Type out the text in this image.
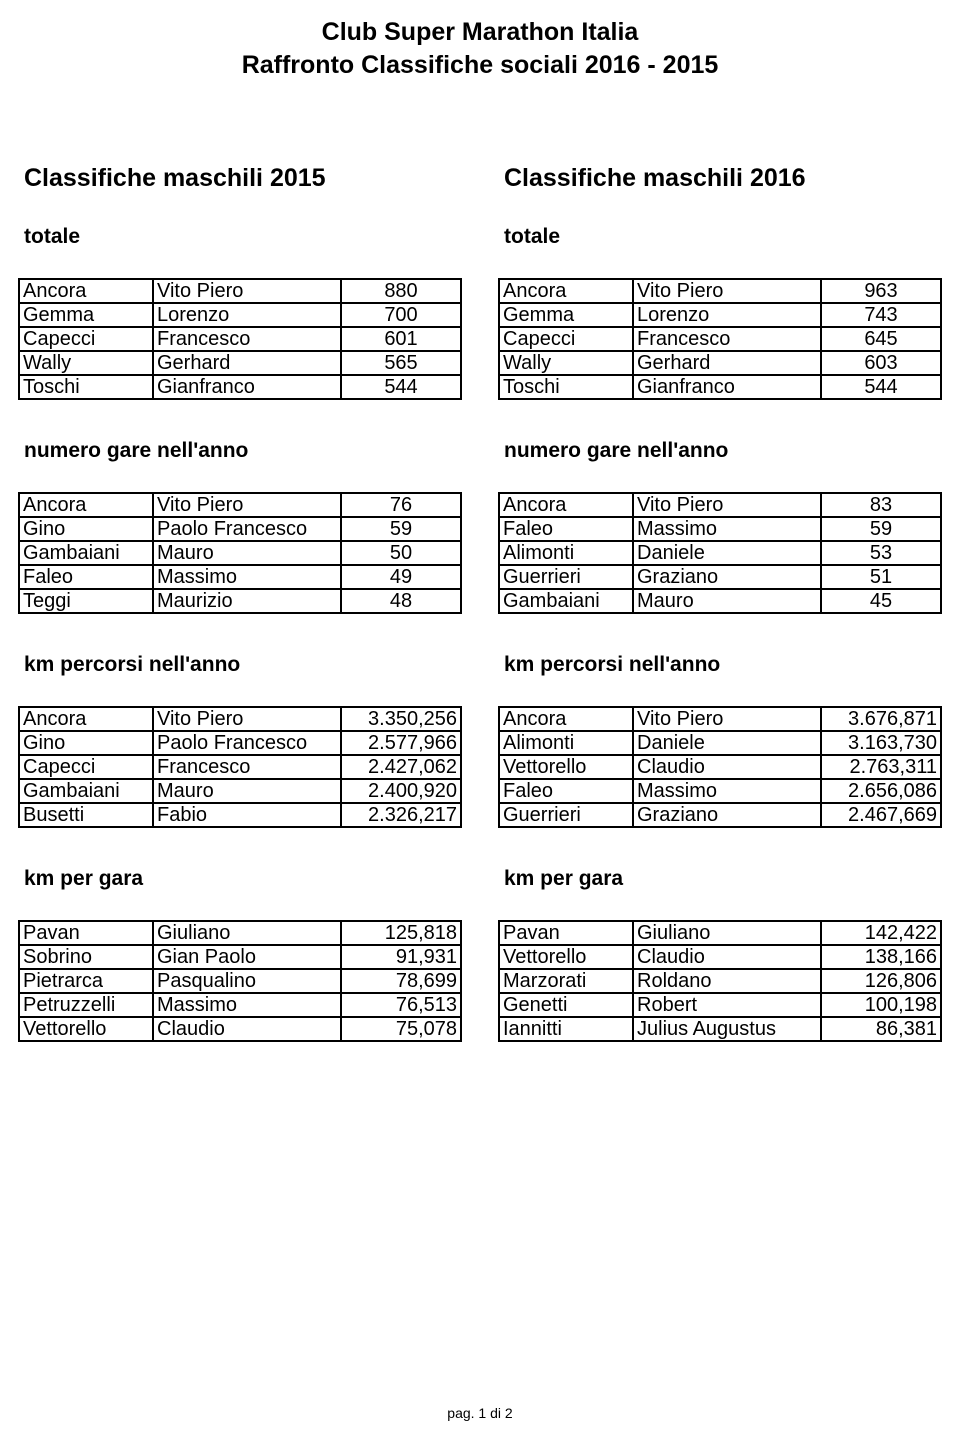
Club Super Marathon Italia
Raffronto Classifiche sociali 2016 - 2015
Classifiche maschili 2015
totale
Ancora	Vito Piero	880
Gemma	Lorenzo	700
Capecci	Francesco	601
Wally	Gerhard	565
Toschi	Gianfranco	544
numero gare nell'anno
Ancora	Vito Piero	76
Gino	Paolo Francesco	59
Gambaiani	Mauro	50
Faleo	Massimo	49
Teggi	Maurizio	48
km percorsi nell'anno
Ancora	Vito Piero	3.350,256
Gino	Paolo Francesco	2.577,966
Capecci	Francesco	2.427,062
Gambaiani	Mauro	2.400,920
Busetti	Fabio	2.326,217
km per gara
Pavan	Giuliano	125,818
Sobrino	Gian Paolo	91,931
Pietrarca	Pasqualino	78,699
Petruzzelli	Massimo	76,513
Vettorello	Claudio	75,078
Classifiche maschili 2016
totale
Ancora	Vito Piero	963
Gemma	Lorenzo	743
Capecci	Francesco	645
Wally	Gerhard	603
Toschi	Gianfranco	544
numero gare nell'anno
Ancora	Vito Piero	83
Faleo	Massimo	59
Alimonti	Daniele	53
Guerrieri	Graziano	51
Gambaiani	Mauro	45
km percorsi nell'anno
Ancora	Vito Piero	3.676,871
Alimonti	Daniele	3.163,730
Vettorello	Claudio	2.763,311
Faleo	Massimo	2.656,086
Guerrieri	Graziano	2.467,669
km per gara
Pavan	Giuliano	142,422
Vettorello	Claudio	138,166
Marzorati	Roldano	126,806
Genetti	Robert	100,198
Iannitti	Julius Augustus	86,381
pag. 1 di 2
